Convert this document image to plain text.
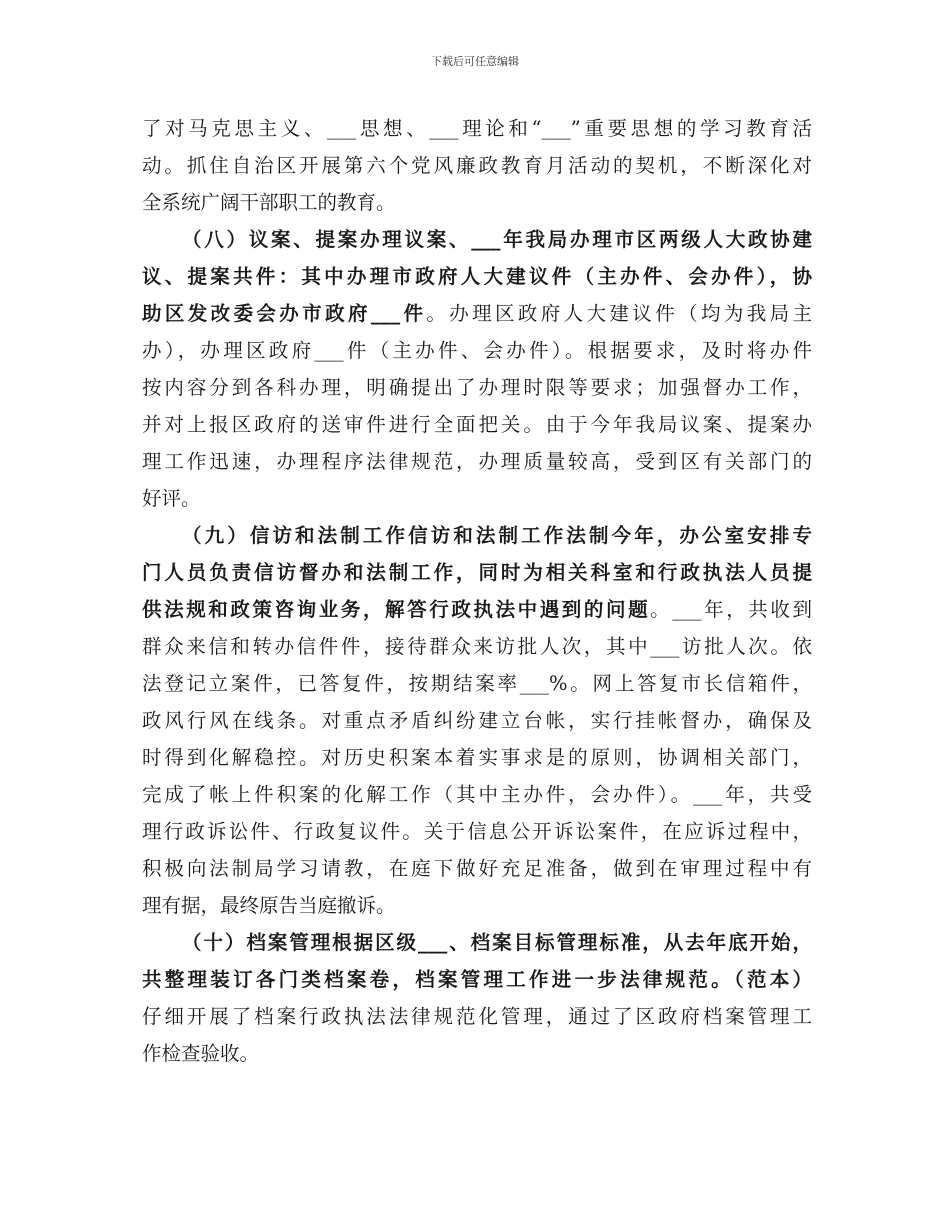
下载后可任意编辑
了对马克思主义、___思想、___理论和“___”重要思想的学习教育活
动。抓住自治区开展第六个党风廉政教育月活动的契机，不断深化对
全系统广阔干部职工的教育。
（八）议案、提案办理议案、___年我局办理市区两级人大政协建
议、提案共件：其中办理市政府人大建议件（主办件、会办件），协
助区发改委会办市政府___件。办理区政府人大建议件（均为我局主
办），办理区政府___件（主办件、会办件）。根据要求，及时将办件
按内容分到各科办理，明确提出了办理时限等要求；加强督办工作，
并对上报区政府的送审件进行全面把关。由于今年我局议案、提案办
理工作迅速，办理程序法律规范，办理质量较高，受到区有关部门的
好评。
（九）信访和法制工作信访和法制工作法制今年，办公室安排专
门人员负责信访督办和法制工作，同时为相关科室和行政执法人员提
供法规和政策咨询业务，解答行政执法中遇到的问题。___年，共收到
群众来信和转办信件件，接待群众来访批人次，其中___访批人次。依
法登记立案件，已答复件，按期结案率___%。网上答复市长信箱件，
政风行风在线条。对重点矛盾纠纷建立台帐，实行挂帐督办，确保及
时得到化解稳控。对历史积案本着实事求是的原则，协调相关部门，
完成了帐上件积案的化解工作（其中主办件，会办件）。___年，共受
理行政诉讼件、行政复议件。关于信息公开诉讼案件，在应诉过程中，
积极向法制局学习请教，在庭下做好充足准备，做到在审理过程中有
理有据，最终原告当庭撤诉。
（十）档案管理根据区级___、档案目标管理标准，从去年底开始，
共整理装订各门类档案卷，档案管理工作进一步法律规范。（范本）
仔细开展了档案行政执法法律规范化管理，通过了区政府档案管理工
作检查验收。
